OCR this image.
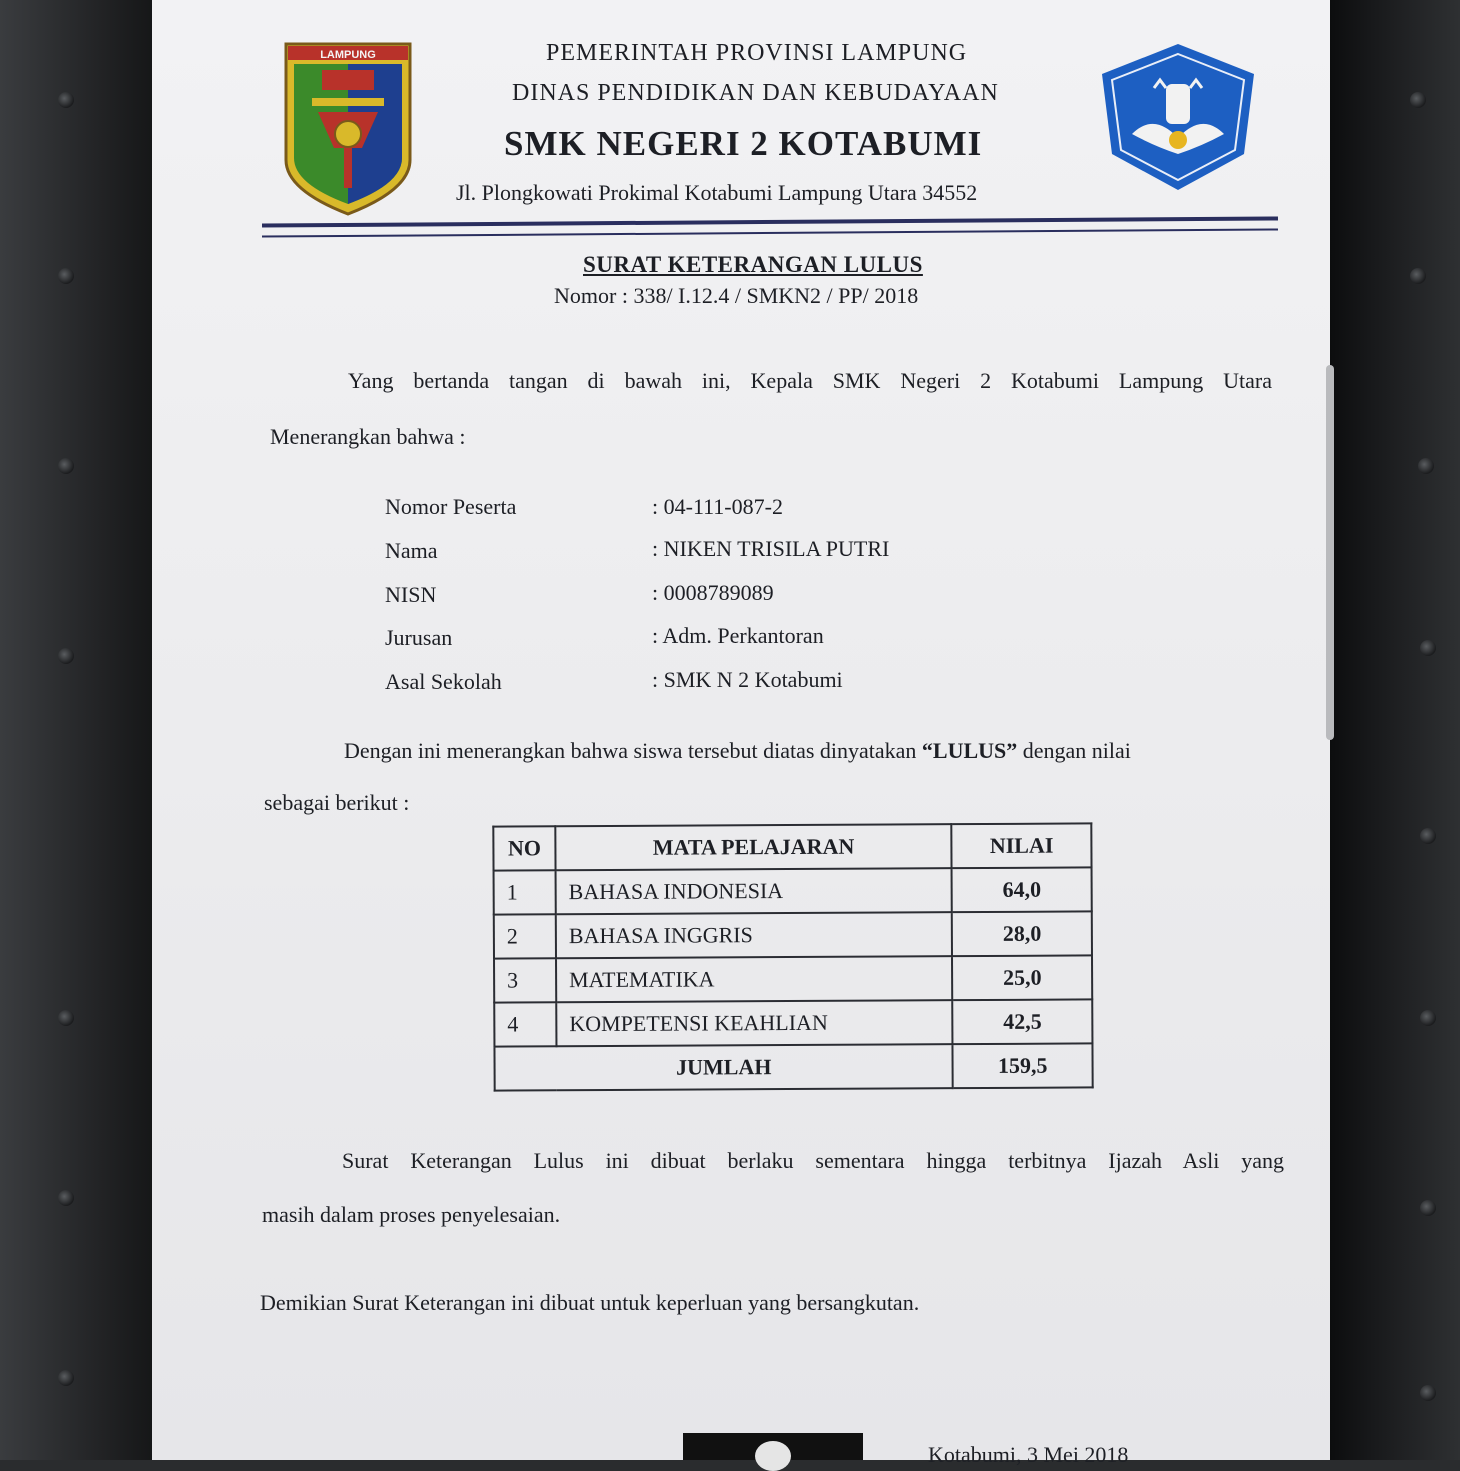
LAMPUNG	PEMERINTAH PROVINSI LAMPUNG
DINAS PENDIDIKAN DAN KEBUDAYAAN
SMK NEGERI 2 KOTABUMI
Jl. Plongkowati Prokimal Kotabumi Lampung Utara 34552
SURAT KETERANGAN LULUS
Nomor : 338/ I.12.4 / SMKN2 / PP/ 2018
Yang bertanda tangan di bawah ini, Kepala SMK Negeri 2 Kotabumi Lampung Utara
Menerangkan bahwa :
Nomor Peserta	: 04-111-087-2
Nama	: NIKEN TRISILA PUTRI
NISN	: 0008789089
Jurusan	: Adm. Perkantoran
Asal Sekolah	: SMK N 2 Kotabumi
Dengan ini menerangkan bahwa siswa tersebut diatas dinyatakan “LULUS” dengan nilai
sebagai berikut :
NO	MATA PELAJARAN	NILAI
1	BAHASA INDONESIA	64,0
2	BAHASA INGGRIS	28,0
3	MATEMATIKA	25,0
4	KOMPETENSI KEAHLIAN	42,5
JUMLAH		159,5
Surat Keterangan Lulus ini dibuat berlaku sementara hingga terbitnya Ijazah Asli yang
masih dalam proses penyelesaian.
Demikian Surat Keterangan ini dibuat untuk keperluan yang bersangkutan.
Kotabumi, 3 Mei 2018
